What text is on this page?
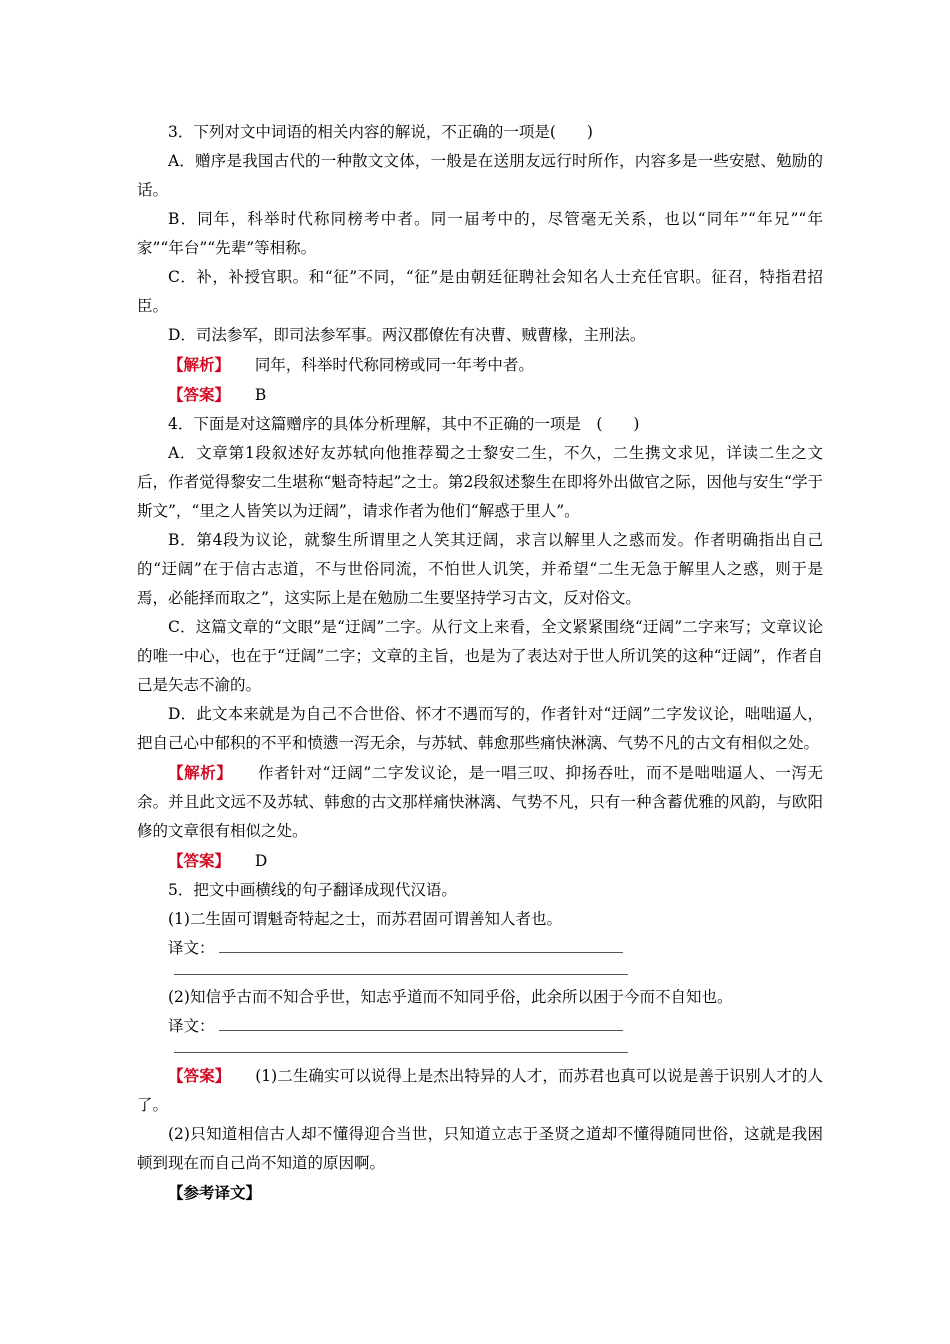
3．下列对文中词语的相关内容的解说，不正确的一项是(　　)

A．赠序是我国古代的一种散文文体，一般是在送朋友远行时所作，内容多是一些安慰、勉励的话。

B．同年，科举时代称同榜考中者。同一届考中的，尽管毫无关系，也以“同年”“年兄”“年家”“年台”“先辈”等相称。

C．补，补授官职。和“征”不同，“征”是由朝廷征聘社会知名人士充任官职。征召，特指君招臣。

D．司法参军，即司法参军事。两汉郡僚佐有决曹、贼曹椽，主刑法。

【解析】 同年，科举时代称同榜或同一年考中者。

【答案】 B

4．下面是对这篇赠序的具体分析理解，其中不正确的一项是　(　　)

A．文章第1段叙述好友苏轼向他推荐蜀之士黎安二生，不久，二生携文求见，详读二生之文后，作者觉得黎安二生堪称“魁奇特起”之士。第2段叙述黎生在即将外出做官之际，因他与安生“学于斯文”，“里之人皆笑以为迂阔”，请求作者为他们“解惑于里人”。

B．第4段为议论，就黎生所谓里之人笑其迂阔，求言以解里人之惑而发。作者明确指出自己的“迂阔”在于信古志道，不与世俗同流，不怕世人讥笑，并希望“二生无急于解里人之惑，则于是焉，必能择而取之”，这实际上是在勉励二生要坚持学习古文，反对俗文。

C．这篇文章的“文眼”是“迂阔”二字。从行文上来看，全文紧紧围绕“迂阔”二字来写；文章议论的唯一中心，也在于“迂阔”二字；文章的主旨，也是为了表达对于世人所讥笑的这种“迂阔”，作者自己是矢志不渝的。

D．此文本来就是为自己不合世俗、怀才不遇而写的，作者针对“迂阔”二字发议论，咄咄逼人，把自己心中郁积的不平和愤懑一泻无余，与苏轼、韩愈那些痛快淋漓、气势不凡的古文有相似之处。

【解析】 作者针对“迂阔”二字发议论，是一唱三叹、抑扬吞吐，而不是咄咄逼人、一泻无余。并且此文远不及苏轼、韩愈的古文那样痛快淋漓、气势不凡，只有一种含蓄优雅的风韵，与欧阳修的文章很有相似之处。

【答案】 D

5．把文中画横线的句子翻译成现代汉语。

(1)二生固可谓魁奇特起之士，而苏君固可谓善知人者也。

译文：

(2)知信乎古而不知合乎世，知志乎道而不知同乎俗，此余所以困于今而不自知也。

译文：

【答案】 (1)二生确实可以说得上是杰出特异的人才，而苏君也真可以说是善于识别人才的人了。

(2)只知道相信古人却不懂得迎合当世，只知道立志于圣贤之道却不懂得随同世俗，这就是我困顿到现在而自己尚不知道的原因啊。

【参考译文】
